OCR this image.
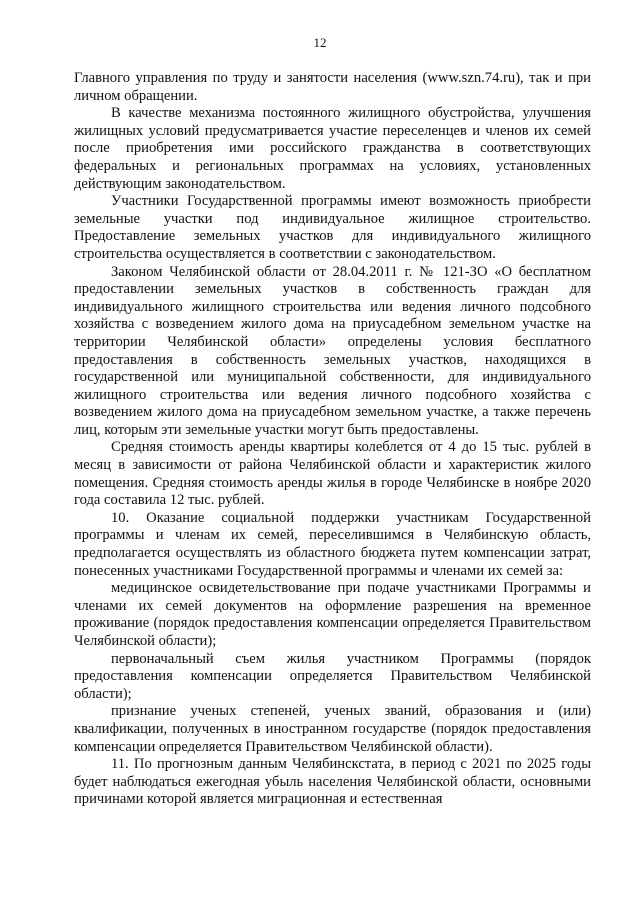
12

Главного управления по труду и занятости населения (www.szn.74.ru), так и при личном обращении.

В качестве механизма постоянного жилищного обустройства, улучшения жилищных условий предусматривается участие переселенцев и членов их семей после приобретения ими российского гражданства в соответствующих федеральных и региональных программах на условиях, установленных действующим законодательством.

Участники Государственной программы имеют возможность приобрести земельные участки под индивидуальное жилищное строительство. Предоставление земельных участков для индивидуального жилищного строительства осуществляется в соответствии с законодательством.

Законом Челябинской области от 28.04.2011 г. № 121-ЗО «О бесплатном предоставлении земельных участков в собственность граждан для индивидуального жилищного строительства или ведения личного подсобного хозяйства с возведением жилого дома на приусадебном земельном участке на территории Челябинской области» определены условия бесплатного предоставления в собственность земельных участков, находящихся в государственной или муниципальной собственности, для индивидуального жилищного строительства или ведения личного подсобного хозяйства с возведением жилого дома на приусадебном земельном участке, а также перечень лиц, которым эти земельные участки могут быть предоставлены.

Средняя стоимость аренды квартиры колеблется от 4 до 15 тыс. рублей в месяц в зависимости от района Челябинской области и характеристик жилого помещения. Средняя стоимость аренды жилья в городе Челябинске в ноябре 2020 года составила 12 тыс. рублей.

10. Оказание социальной поддержки участникам Государственной программы и членам их семей, переселившимся в Челябинскую область, предполагается осуществлять из областного бюджета путем компенсации затрат, понесенных участниками Государственной программы и членами их семей за:

медицинское освидетельствование при подаче участниками Программы и членами их семей документов на оформление разрешения на временное проживание (порядок предоставления компенсации определяется Правительством Челябинской области);

первоначальный съем жилья участником Программы (порядок предоставления компенсации определяется Правительством Челябинской области);

признание ученых степеней, ученых званий, образования и (или) квалификации, полученных в иностранном государстве (порядок предоставления компенсации определяется Правительством Челябинской области).

11. По прогнозным данным Челябинскстата, в период с 2021 по 2025 годы будет наблюдаться ежегодная убыль населения Челябинской области, основными причинами которой является миграционная и естественная
